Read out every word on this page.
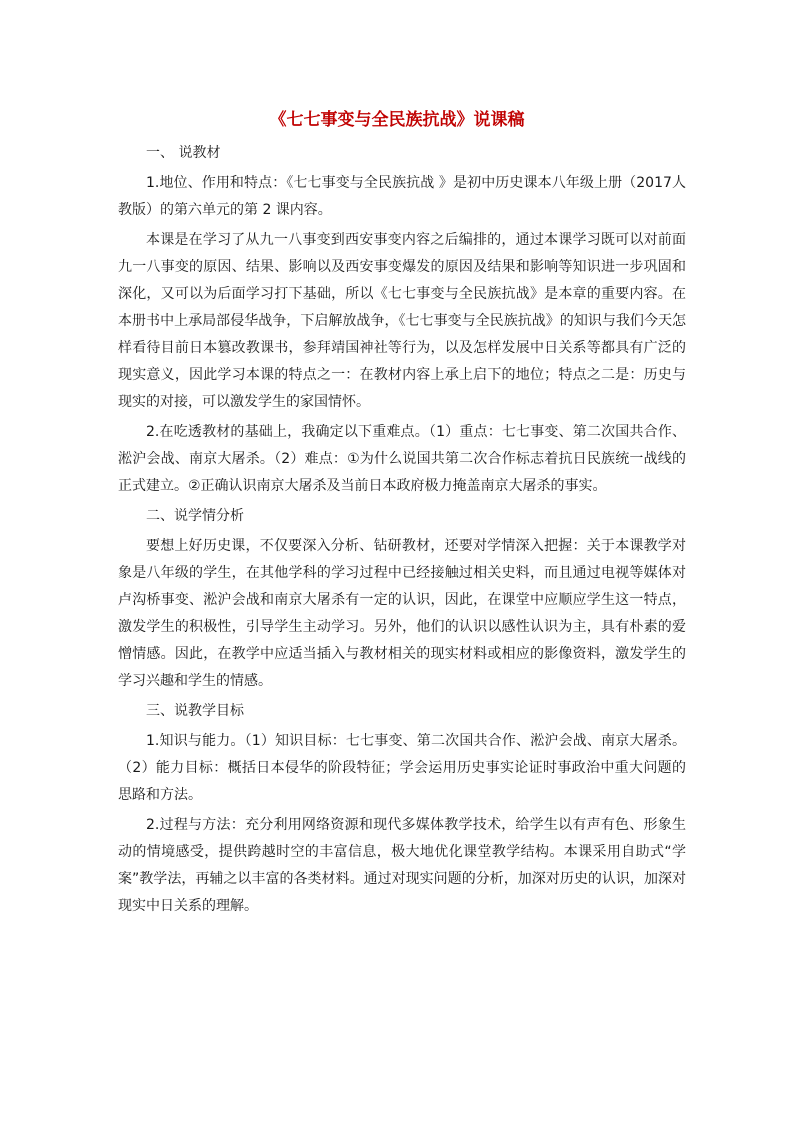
《七七事变与全民族抗战》说课稿

一、 说教材

1.地位、作用和特点：《七七事变与全民族抗战 》是初中历史课本八年级上册（2017人教版）的第六单元的第 2 课内容。

本课是在学习了从九一八事变到西安事变内容之后编排的，通过本课学习既可以对前面九一八事变的原因、结果、影响以及西安事变爆发的原因及结果和影响等知识进一步巩固和深化，又可以为后面学习打下基础，所以《七七事变与全民族抗战》是本章的重要内容。在本册书中上承局部侵华战争，下启解放战争，《七七事变与全民族抗战》的知识与我们今天怎样看待目前日本篡改教课书，参拜靖国神社等行为，以及怎样发展中日关系等都具有广泛的现实意义，因此学习本课的特点之一：在教材内容上承上启下的地位；特点之二是：历史与现实的对接，可以激发学生的家国情怀。

2.在吃透教材的基础上，我确定以下重难点。（1）重点：七七事变、第二次国共合作、淞沪会战、南京大屠杀。（2）难点：①为什么说国共第二次合作标志着抗日民族统一战线的正式建立。②正确认识南京大屠杀及当前日本政府极力掩盖南京大屠杀的事实。

二、说学情分析

要想上好历史课，不仅要深入分析、钻研教材，还要对学情深入把握：关于本课教学对象是八年级的学生，在其他学科的学习过程中已经接触过相关史料，而且通过电视等媒体对卢沟桥事变、淞沪会战和南京大屠杀有一定的认识，因此，在课堂中应顺应学生这一特点，激发学生的积极性，引导学生主动学习。另外，他们的认识以感性认识为主，具有朴素的爱憎情感。因此，在教学中应适当插入与教材相关的现实材料或相应的影像资料，激发学生的学习兴趣和学生的情感。

三、说教学目标

1.知识与能力。（1）知识目标：七七事变、第二次国共合作、淞沪会战、南京大屠杀。（2）能力目标：概括日本侵华的阶段特征；学会运用历史事实论证时事政治中重大问题的思路和方法。

2.过程与方法：充分利用网络资源和现代多媒体教学技术，给学生以有声有色、形象生动的情境感受，提供跨越时空的丰富信息，极大地优化课堂教学结构。本课采用自助式“学案”教学法，再辅之以丰富的各类材料。通过对现实问题的分析，加深对历史的认识，加深对现实中日关系的理解。
